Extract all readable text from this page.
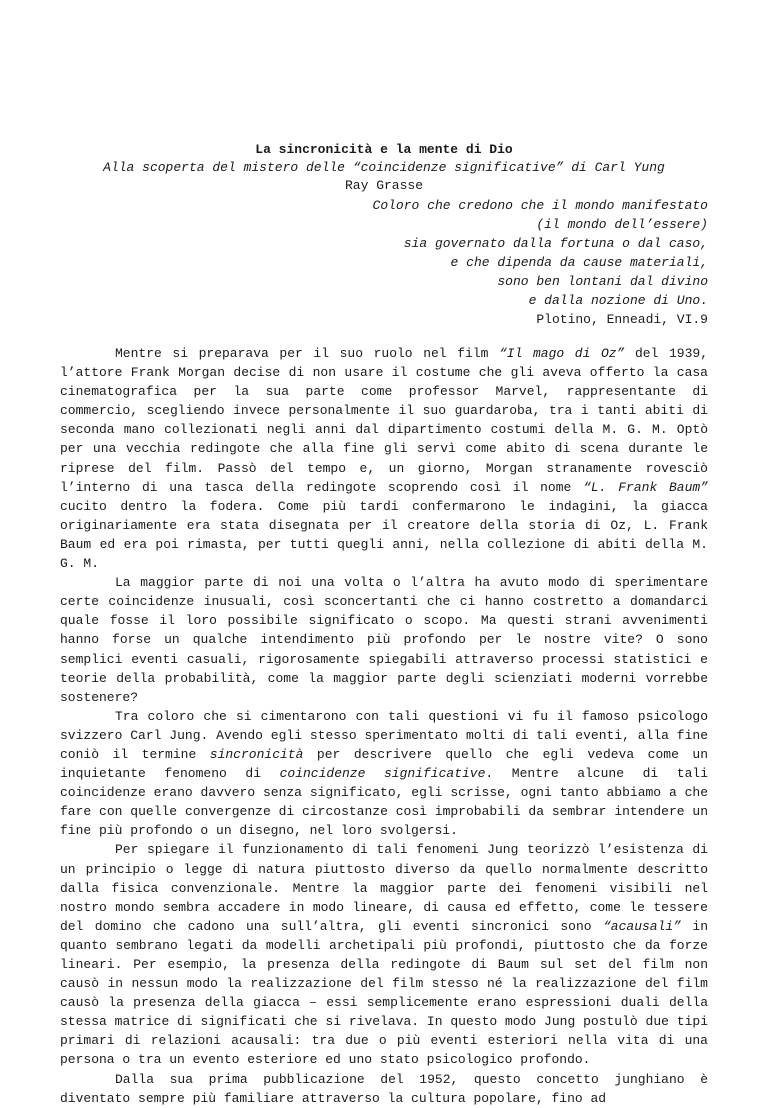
La sincronicità e la mente di Dio
Alla scoperta del mistero delle “coincidenze significative” di Carl Yung
Ray Grasse
Coloro che credono che il mondo manifestato
(il mondo dell’essere)
sia governato dalla fortuna o dal caso,
e che dipenda da cause materiali,
sono ben lontani dal divino
e dalla nozione di Uno.
Plotino, Enneadi, VI.9

Mentre si preparava per il suo ruolo nel film “Il mago di Oz” del 1939, l’attore Frank Morgan decise di non usare il costume che gli aveva offerto la casa cinematografica per la sua parte come professor Marvel, rappresentante di commercio, scegliendo invece personalmente il suo guardaroba, tra i tanti abiti di seconda mano collezionati negli anni dal dipartimento costumi della M. G. M. Optò per una vecchia redingote che alla fine gli servì come abito di scena durante le riprese del film. Passò del tempo e, un giorno, Morgan stranamente rovesciò l’interno di una tasca della redingote scoprendo così il nome “L. Frank Baum” cucito dentro la fodera. Come più tardi confermarono le indagini, la giacca originariamente era stata disegnata per il creatore della storia di Oz, L. Frank Baum ed era poi rimasta, per tutti quegli anni, nella collezione di abiti della M. G. M.

La maggior parte di noi una volta o l’altra ha avuto modo di sperimentare certe coincidenze inusuali, così sconcertanti che ci hanno costretto a domandarci quale fosse il loro possibile significato o scopo. Ma questi strani avvenimenti hanno forse un qualche intendimento più profondo per le nostre vite? O sono semplici eventi casuali, rigorosamente spiegabili attraverso processi statistici e teorie della probabilità, come la maggior parte degli scienziati moderni vorrebbe sostenere?

Tra coloro che si cimentarono con tali questioni vi fu il famoso psicologo svizzero Carl Jung. Avendo egli stesso sperimentato molti di tali eventi, alla fine coniò il termine sincronicità per descrivere quello che egli vedeva come un inquietante fenomeno di coincidenze significative. Mentre alcune di tali coincidenze erano davvero senza significato, egli scrisse, ogni tanto abbiamo a che fare con quelle convergenze di circostanze così improbabili da sembrar intendere un fine più profondo o un disegno, nel loro svolgersi.

Per spiegare il funzionamento di tali fenomeni Jung teorizzò l’esistenza di un principio o legge di natura piuttosto diverso da quello normalmente descritto dalla fisica convenzionale. Mentre la maggior parte dei fenomeni visibili nel nostro mondo sembra accadere in modo lineare, di causa ed effetto, come le tessere del domino che cadono una sull’altra, gli eventi sincronici sono “acausali” in quanto sembrano legati da modelli archetipali più profondi, piuttosto che da forze lineari. Per esempio, la presenza della redingote di Baum sul set del film non causò in nessun modo la realizzazione del film stesso né la realizzazione del film causò la presenza della giacca – essi semplicemente erano espressioni duali della stessa matrice di significati che si rivelava. In questo modo Jung postulò due tipi primari di relazioni acausali: tra due o più eventi esteriori nella vita di una persona o tra un evento esteriore ed uno stato psicologico profondo.

Dalla sua prima pubblicazione del 1952, questo concetto junghiano è diventato sempre più familiare attraverso la cultura popolare, fino ad
